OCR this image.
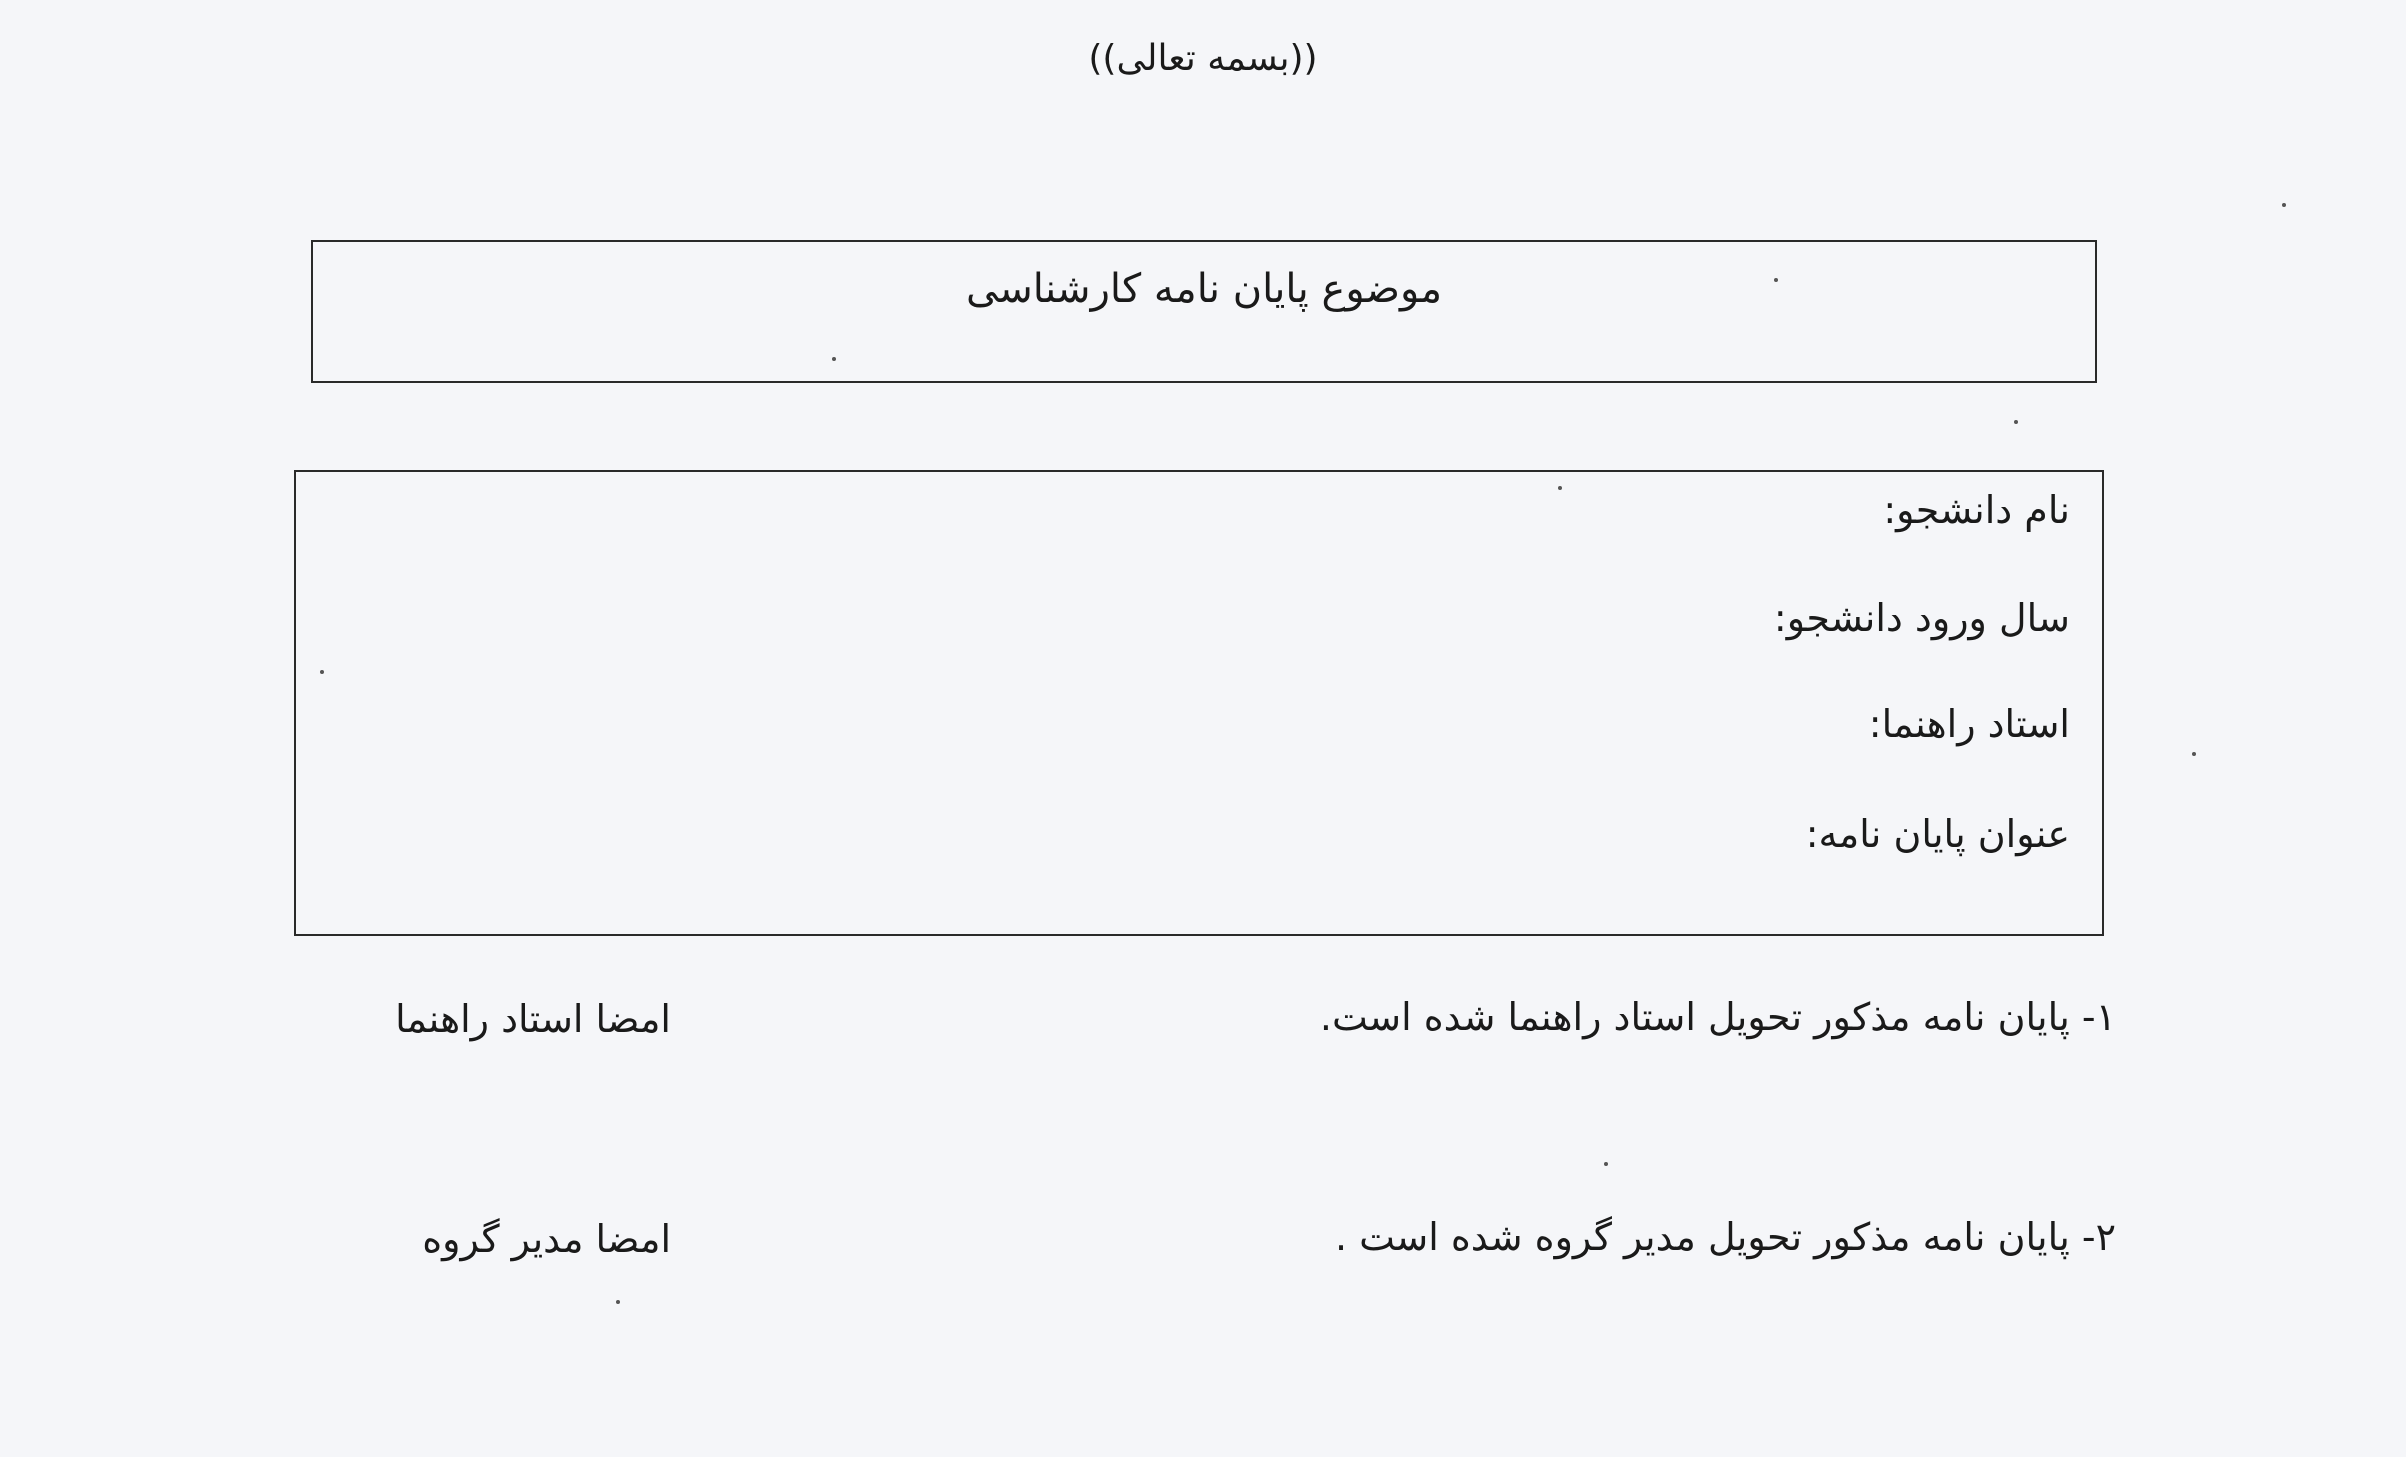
((بسمه تعالی))
موضوع پایان نامه کارشناسی
نام دانشجو:
سال ورود دانشجو:
استاد راهنما:
عنوان پایان نامه:
۱- پایان نامه مذکور تحویل استاد راهنما شده است.
امضا استاد راهنما
۲- پایان نامه مذکور تحویل مدیر گروه شده است .
امضا مدیر گروه
